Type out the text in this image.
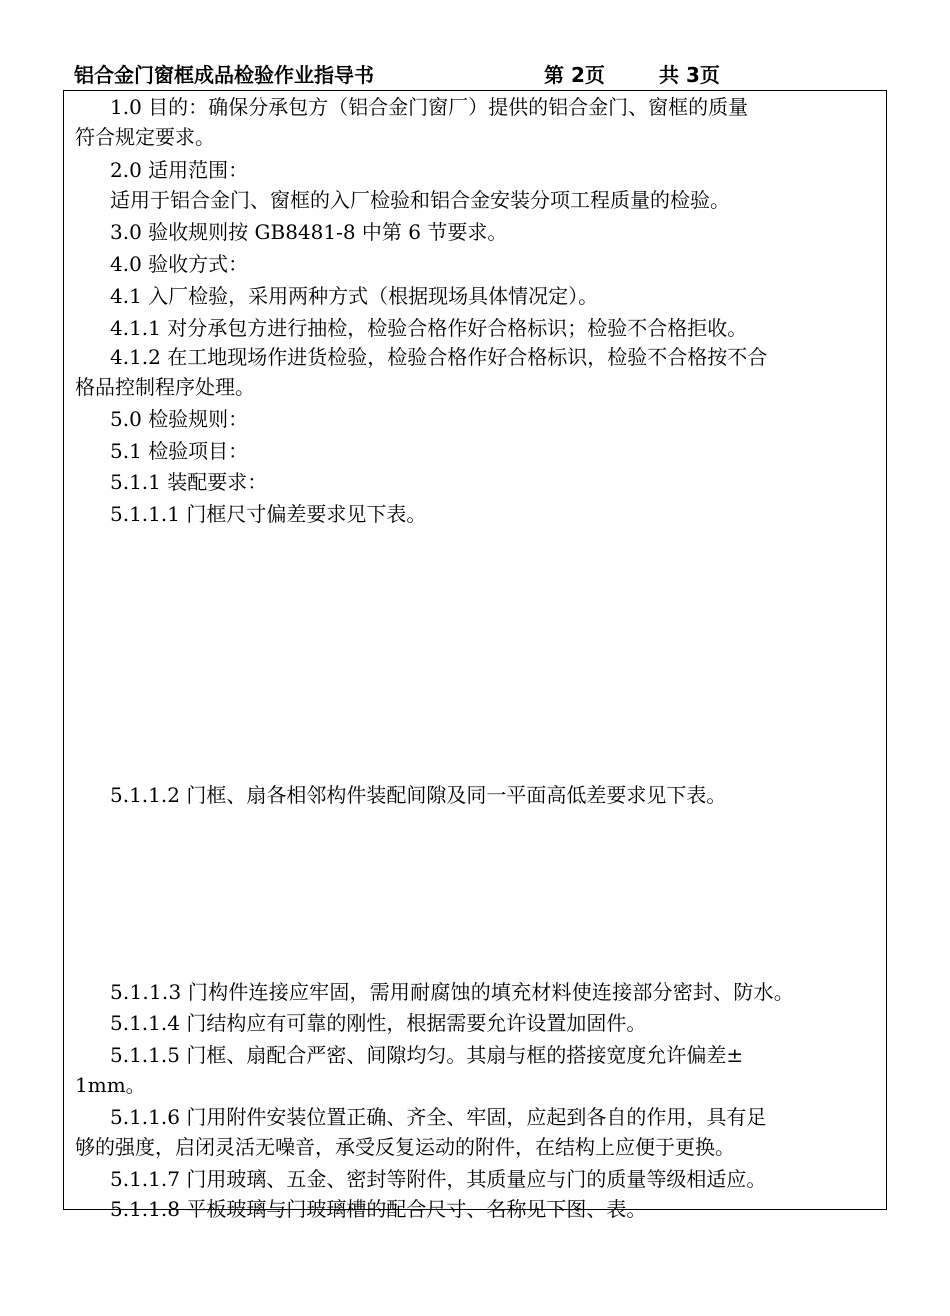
铝合金门窗框成品检验作业指导书	第 2页	共 3页

1.0 目的：确保分承包方（铝合金门窗厂）提供的铝合金门、窗框的质量

符合规定要求。

2.0 适用范围：

适用于铝合金门、窗框的入厂检验和铝合金安装分项工程质量的检验。

3.0 验收规则按 GB8481-8 中第 6 节要求。

4.0 验收方式：

4.1 入厂检验，采用两种方式（根据现场具体情况定）。

4.1.1 对分承包方进行抽检，检验合格作好合格标识；检验不合格拒收。

4.1.2 在工地现场作进货检验，检验合格作好合格标识，检验不合格按不合

格品控制程序处理。

5.0 检验规则：

5.1 检验项目：

5.1.1 装配要求：

5.1.1.1 门框尺寸偏差要求见下表。

5.1.1.2 门框、扇各相邻构件装配间隙及同一平面高低差要求见下表。

5.1.1.3 门构件连接应牢固，需用耐腐蚀的填充材料使连接部分密封、防水。

5.1.1.4 门结构应有可靠的刚性，根据需要允许设置加固件。

5.1.1.5 门框、扇配合严密、间隙均匀。其扇与框的搭接宽度允许偏差±

1mm。

5.1.1.6 门用附件安装位置正确、齐全、牢固，应起到各自的作用，具有足

够的强度，启闭灵活无噪音，承受反复运动的附件，在结构上应便于更换。

5.1.1.7 门用玻璃、五金、密封等附件，其质量应与门的质量等级相适应。

5.1.1.8 平板玻璃与门玻璃槽的配合尺寸、名称见下图、表。
